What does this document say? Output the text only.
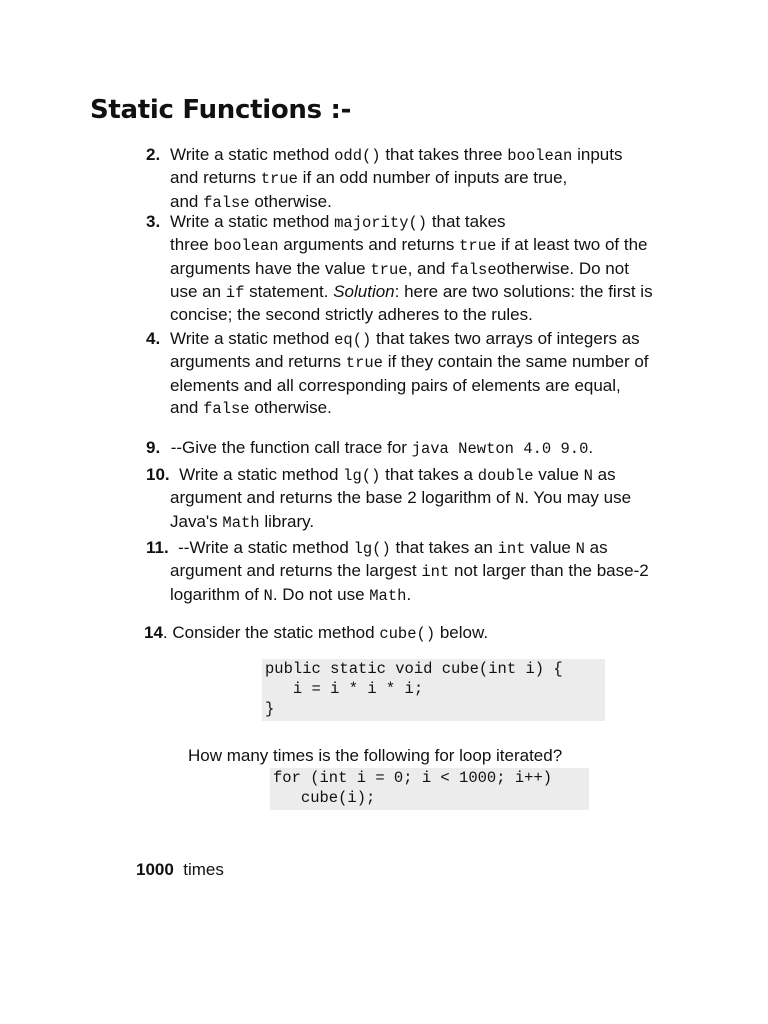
Static Functions :-
2. Write a static method odd() that takes three boolean inputs
and returns true if an odd number of inputs are true,
and false otherwise.
3. Write a static method majority() that takes
three boolean arguments and returns true if at least two of the
arguments have the value true, and falseotherwise. Do not
use an if statement. Solution: here are two solutions: the first is
concise; the second strictly adheres to the rules.
4. Write a static method eq() that takes two arrays of integers as
arguments and returns true if they contain the same number of
elements and all corresponding pairs of elements are equal,
and false otherwise.
9. --Give the function call trace for java Newton 4.0 9.0.
10.  Write a static method lg() that takes a double value N as
argument and returns the base 2 logarithm of N. You may use
Java's Math library.
11.  --Write a static method lg() that takes an int value N as
argument and returns the largest int not larger than the base-2
logarithm of N. Do not use Math.
14. Consider the static method cube() below.
public static void cube(int i) {
i = i * i * i;
}
How many times is the following for loop iterated?
for (int i = 0; i < 1000; i++)
cube(i);
1000  times
